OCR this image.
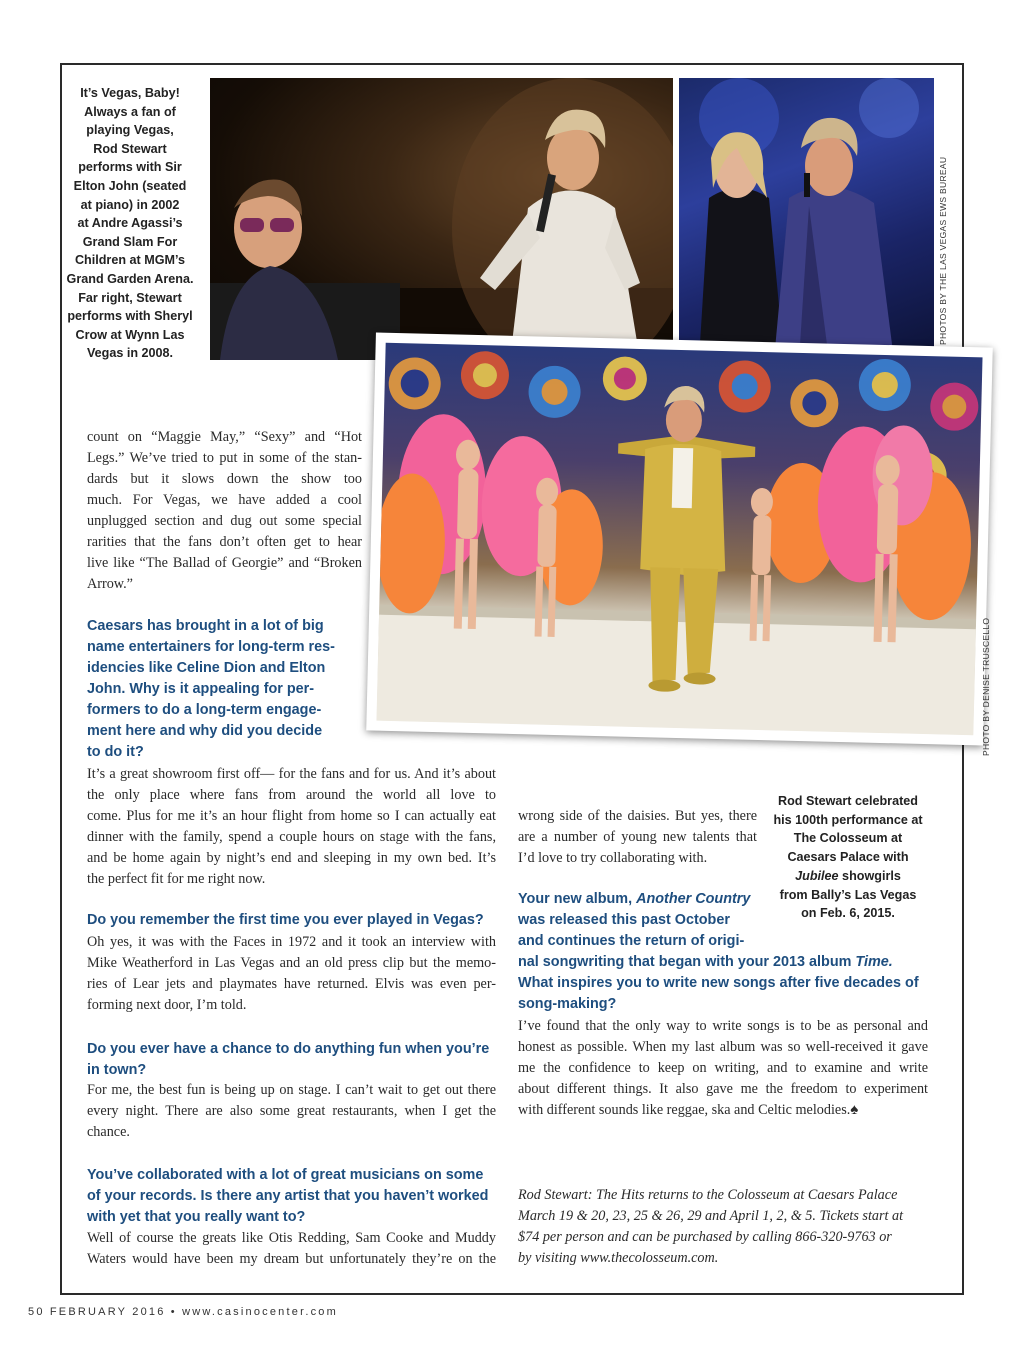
It’s Vegas, Baby!
Always a fan of
playing Vegas,
Rod Stewart
performs with Sir
Elton John (seated
at piano) in 2002
at Andre Agassi’s
Grand Slam For
Children at MGM’s
Grand Garden Arena.
Far right, Stewart
performs with Sheryl
Crow at Wynn Las
Vegas in 2008.
PHOTOS BY THE LAS VEGAS EWS BUREAU
PHOTO BY DENISE TRUSCELLO
count on “Maggie May,” “Sexy” and “Hot
Legs.” We’ve tried to put in some of the stan-
dards but it slows down the show too
much. For Vegas, we have added a cool
unplugged section and dug out some special
rarities that the fans don’t often get to hear
live like “The Ballad of Georgie” and “Broken
Arrow.”
Caesars has brought in a lot of big
name entertainers for long-term res-
idencies like Celine Dion and Elton
John. Why is it appealing for per-
formers to do a long-term engage-
ment here and why did you decide
to do it?
It’s a great showroom first off— for the fans and for us. And it’s about
the only place where fans from around the world all love to
come. Plus for me it’s an hour flight from home so I can actually eat
dinner with the family, spend a couple hours on stage with the fans,
and be home again by night’s end and sleeping in my own bed. It’s
the perfect fit for me right now.
Do you remember the first time you ever played in Vegas?
Oh yes, it was with the Faces in 1972 and it took an interview with
Mike Weatherford in Las Vegas and an old press clip but the memo-
ries of Lear jets and playmates have returned. Elvis was even per-
forming next door, I’m told.
Do you ever have a chance to do anything fun when you’re
in town?
For me, the best fun is being up on stage. I can’t wait to get out there
every night. There are also some great restaurants, when I get the
chance.
You’ve collaborated with a lot of great musicians on some
of your records. Is there any artist that you haven’t worked
with yet that you really want to?
Well of course the greats like Otis Redding, Sam Cooke and Muddy
Waters would have been my dream but unfortunately they’re on the
wrong side of the daisies. But yes, there
are a number of young new talents that
I’d love to try collaborating with.
Rod Stewart celebrated
his 100th performance at
The Colosseum at
Caesars Palace with
Jubilee showgirls
from Bally’s Las Vegas
on Feb. 6, 2015.
Your new album, Another Country
was released this past October
and continues the return of origi-
nal songwriting that began with your 2013 album Time.
What inspires you to write new songs after five decades of
song-making?
I’ve found that the only way to write songs is to be as personal and
honest as possible. When my last album was so well-received it gave
me the confidence to keep on writing, and to examine and write
about different things. It also gave me the freedom to experiment
with different sounds like reggae, ska and Celtic melodies.♠
Rod Stewart: The Hits returns to the Colosseum at Caesars Palace
March 19 & 20, 23, 25 & 26, 29 and April 1, 2, & 5. Tickets start at
$74 per person and can be purchased by calling 866-320-9763 or
by visiting www.thecolosseum.com.
50 FEBRUARY 2016 • www.casinocenter.com
